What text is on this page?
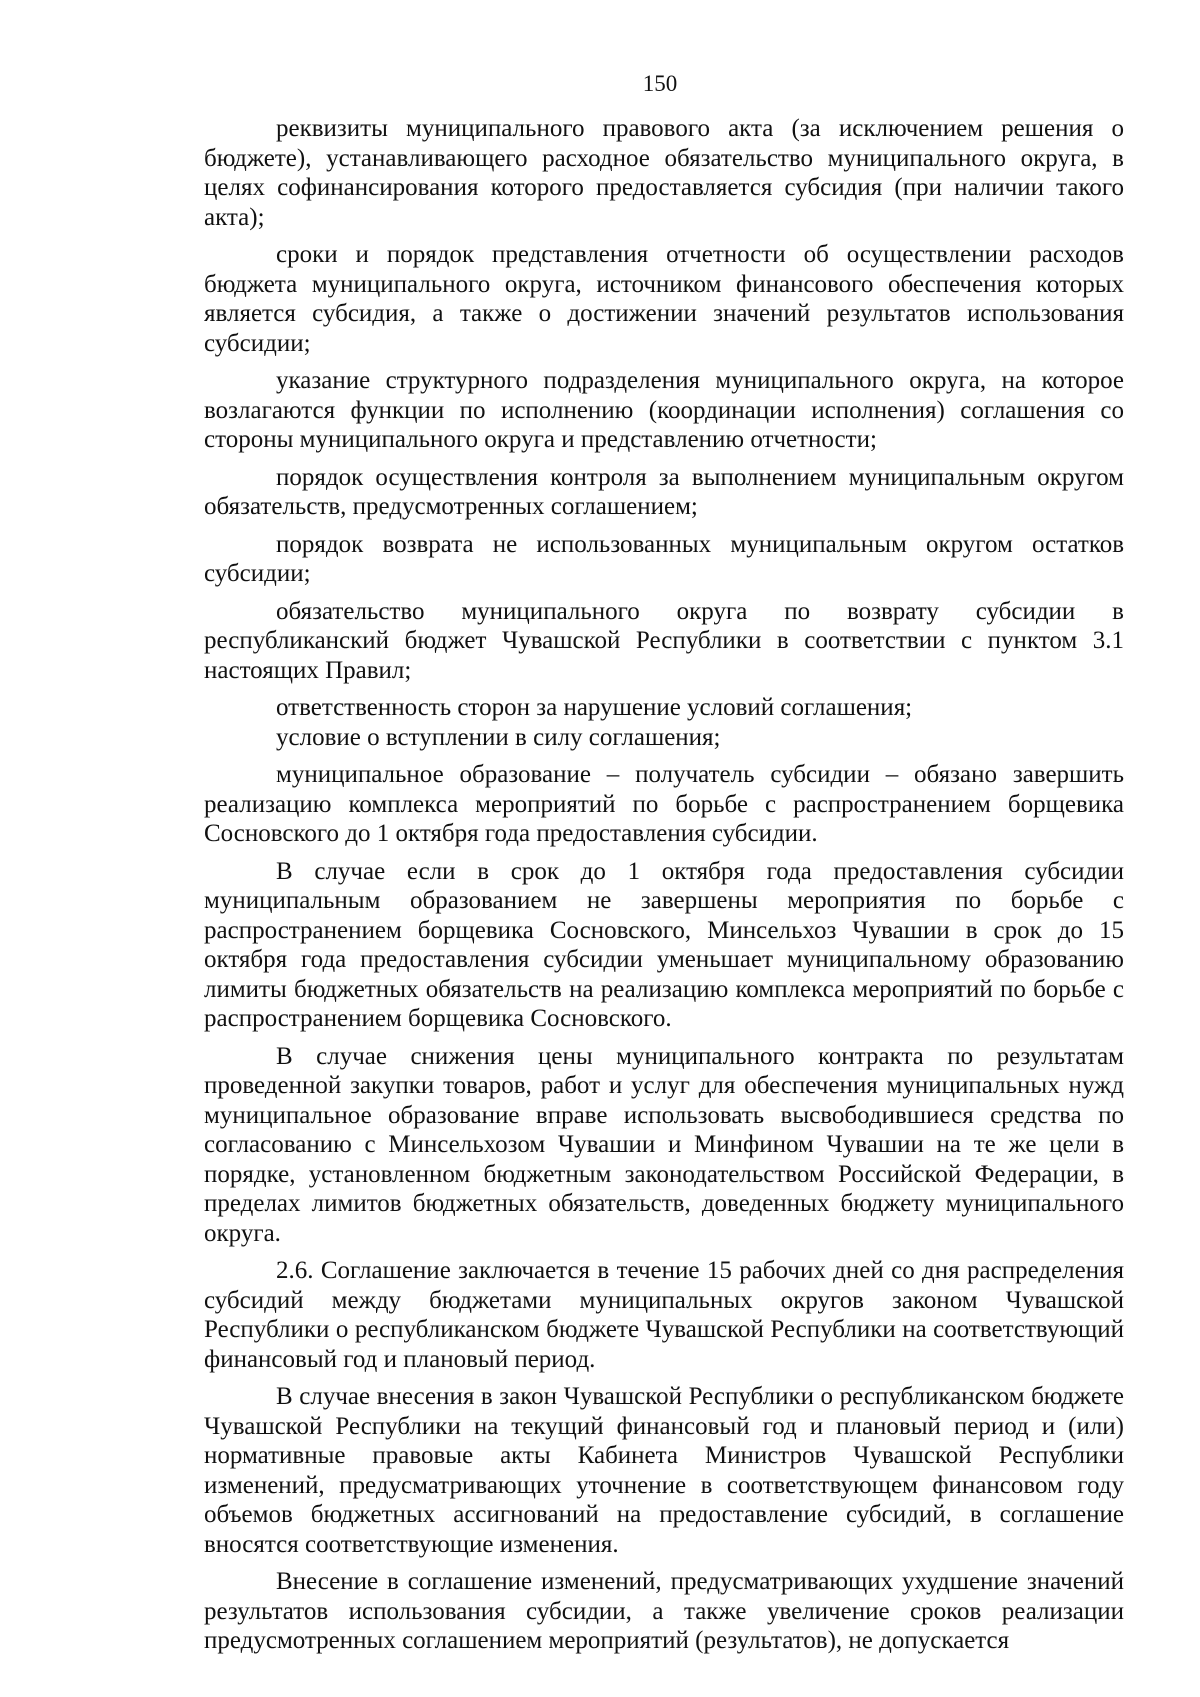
150

реквизиты муниципального правового акта (за исключением решения о бюджете), устанавливающего расходное обязательство муниципального округа, в целях софинансирования которого предоставляется субсидия (при наличии такого акта);

сроки и порядок представления отчетности об осуществлении расходов бюджета муниципального округа, источником финансового обеспечения которых является субсидия, а также о достижении значений результатов использования субсидии;

указание структурного подразделения муниципального округа, на которое возлагаются функции по исполнению (координации исполнения) соглашения со стороны муниципального округа и представлению отчетности;

порядок осуществления контроля за выполнением муниципальным округом обязательств, предусмотренных соглашением;

порядок возврата не использованных муниципальным округом остатков субсидии;

обязательство муниципального округа по возврату субсидии в республиканский бюджет Чувашской Республики в соответствии с пунктом 3.1 настоящих Правил;

ответственность сторон за нарушение условий соглашения;

условие о вступлении в силу соглашения;

муниципальное образование – получатель субсидии – обязано завершить реализацию комплекса мероприятий по борьбе с распространением борщевика Сосновского до 1 октября года предоставления субсидии.

В случае если в срок до 1 октября года предоставления субсидии муниципальным образованием не завершены мероприятия по борьбе с распространением борщевика Сосновского, Минсельхоз Чувашии в срок до 15 октября года предоставления субсидии уменьшает муниципальному образованию лимиты бюджетных обязательств на реализацию комплекса мероприятий по борьбе с распространением борщевика Сосновского.

В случае снижения цены муниципального контракта по результатам проведенной закупки товаров, работ и услуг для обеспечения муниципальных нужд муниципальное образование вправе использовать высвободившиеся средства по согласованию с Минсельхозом Чувашии и Минфином Чувашии на те же цели в порядке, установленном бюджетным законодательством Российской Федерации, в пределах лимитов бюджетных обязательств, доведенных бюджету муниципального округа.

2.6. Соглашение заключается в течение 15 рабочих дней со дня распределения субсидий между бюджетами муниципальных округов законом Чувашской Республики о республиканском бюджете Чувашской Республики на соответствующий финансовый год и плановый период.

В случае внесения в закон Чувашской Республики о республиканском бюджете Чувашской Республики на текущий финансовый год и плановый период и (или) нормативные правовые акты Кабинета Министров Чувашской Республики изменений, предусматривающих уточнение в соответствующем финансовом году объемов бюджетных ассигнований на предоставление субсидий, в соглашение вносятся соответствующие изменения.

Внесение в соглашение изменений, предусматривающих ухудшение значений результатов использования субсидии, а также увеличение сроков реализации предусмотренных соглашением мероприятий (результатов), не допускается
